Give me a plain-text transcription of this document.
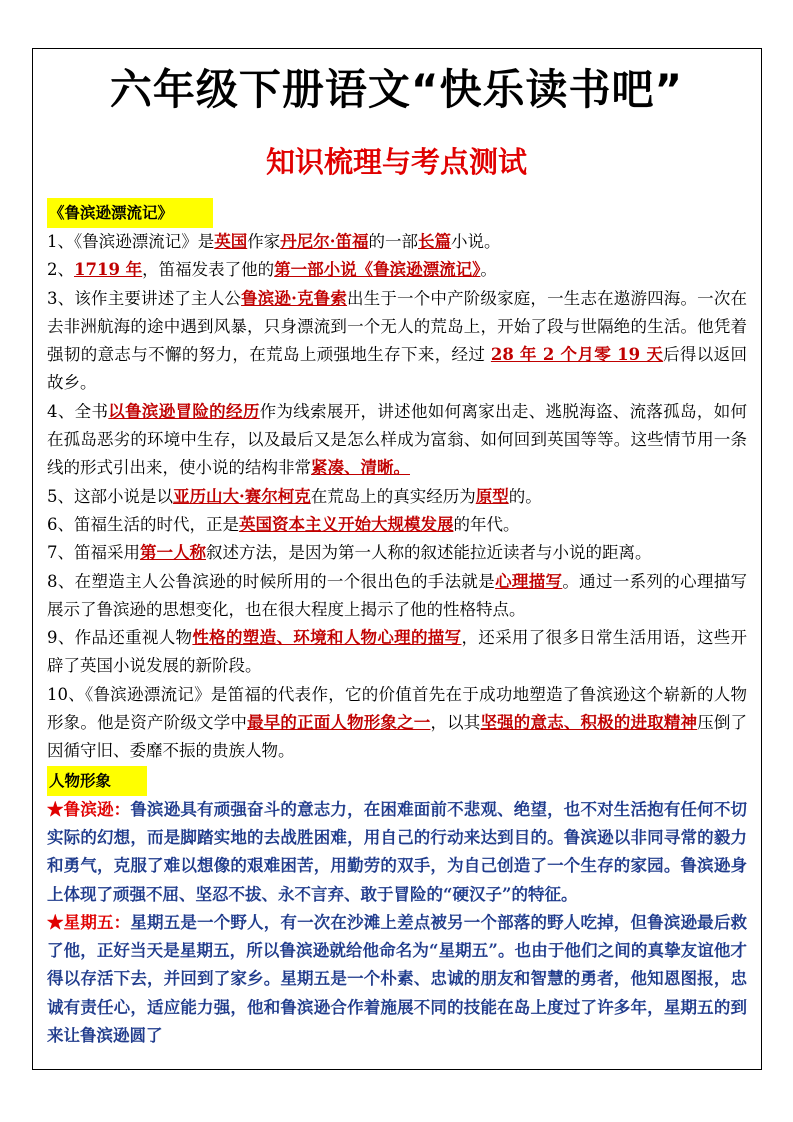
六年级下册语文“快乐读书吧”
知识梳理与考点测试
《鲁滨逊漂流记》

1、《鲁滨逊漂流记》是英国作家丹尼尔·笛福的一部长篇小说。

2、1719 年，笛福发表了他的第一部小说《鲁滨逊漂流记》。

3、该作主要讲述了主人公鲁滨逊·克鲁索出生于一个中产阶级家庭，一生志在遨游四海。一次在去非洲航海的途中遇到风暴，只身漂流到一个无人的荒岛上，开始了段与世隔绝的生活。他凭着强韧的意志与不懈的努力，在荒岛上顽强地生存下来，经过 28 年 2 个月零 19 天后得以返回故乡。

4、全书以鲁滨逊冒险的经历作为线索展开，讲述他如何离家出走、逃脱海盗、流落孤岛，如何在孤岛恶劣的环境中生存，以及最后又是怎么样成为富翁、如何回到英国等等。这些情节用一条线的形式引出来，使小说的结构非常紧凑、清晰。

5、这部小说是以亚历山大·赛尔柯克在荒岛上的真实经历为原型的。

6、笛福生活的时代，正是英国资本主义开始大规模发展的年代。

7、笛福采用第一人称叙述方法，是因为第一人称的叙述能拉近读者与小说的距离。

8、在塑造主人公鲁滨逊的时候所用的一个很出色的手法就是心理描写。通过一系列的心理描写展示了鲁滨逊的思想变化，也在很大程度上揭示了他的性格特点。

9、作品还重视人物性格的塑造、环境和人物心理的描写，还采用了很多日常生活用语，这些开辟了英国小说发展的新阶段。

10、《鲁滨逊漂流记》是笛福的代表作，它的价值首先在于成功地塑造了鲁滨逊这个崭新的人物形象。他是资产阶级文学中最早的正面人物形象之一，以其坚强的意志、积极的进取精神压倒了因循守旧、委靡不振的贵族人物。

人物形象

★鲁滨逊：鲁滨逊具有顽强奋斗的意志力，在困难面前不悲观、绝望，也不对生活抱有任何不切实际的幻想，而是脚踏实地的去战胜困难，用自己的行动来达到目的。鲁滨逊以非同寻常的毅力和勇气，克服了难以想像的艰难困苦，用勤劳的双手，为自己创造了一个生存的家园。鲁滨逊身上体现了顽强不屈、坚忍不拔、永不言弃、敢于冒险的“硬汉子”的特征。

★星期五：星期五是一个野人，有一次在沙滩上差点被另一个部落的野人吃掉，但鲁滨逊最后救了他，正好当天是星期五，所以鲁滨逊就给他命名为“星期五”。也由于他们之间的真挚友谊他才得以存活下去，并回到了家乡。星期五是一个朴素、忠诚的朋友和智慧的勇者，他知恩图报，忠诚有责任心，适应能力强，他和鲁滨逊合作着施展不同的技能在岛上度过了许多年，星期五的到来让鲁滨逊圆了
